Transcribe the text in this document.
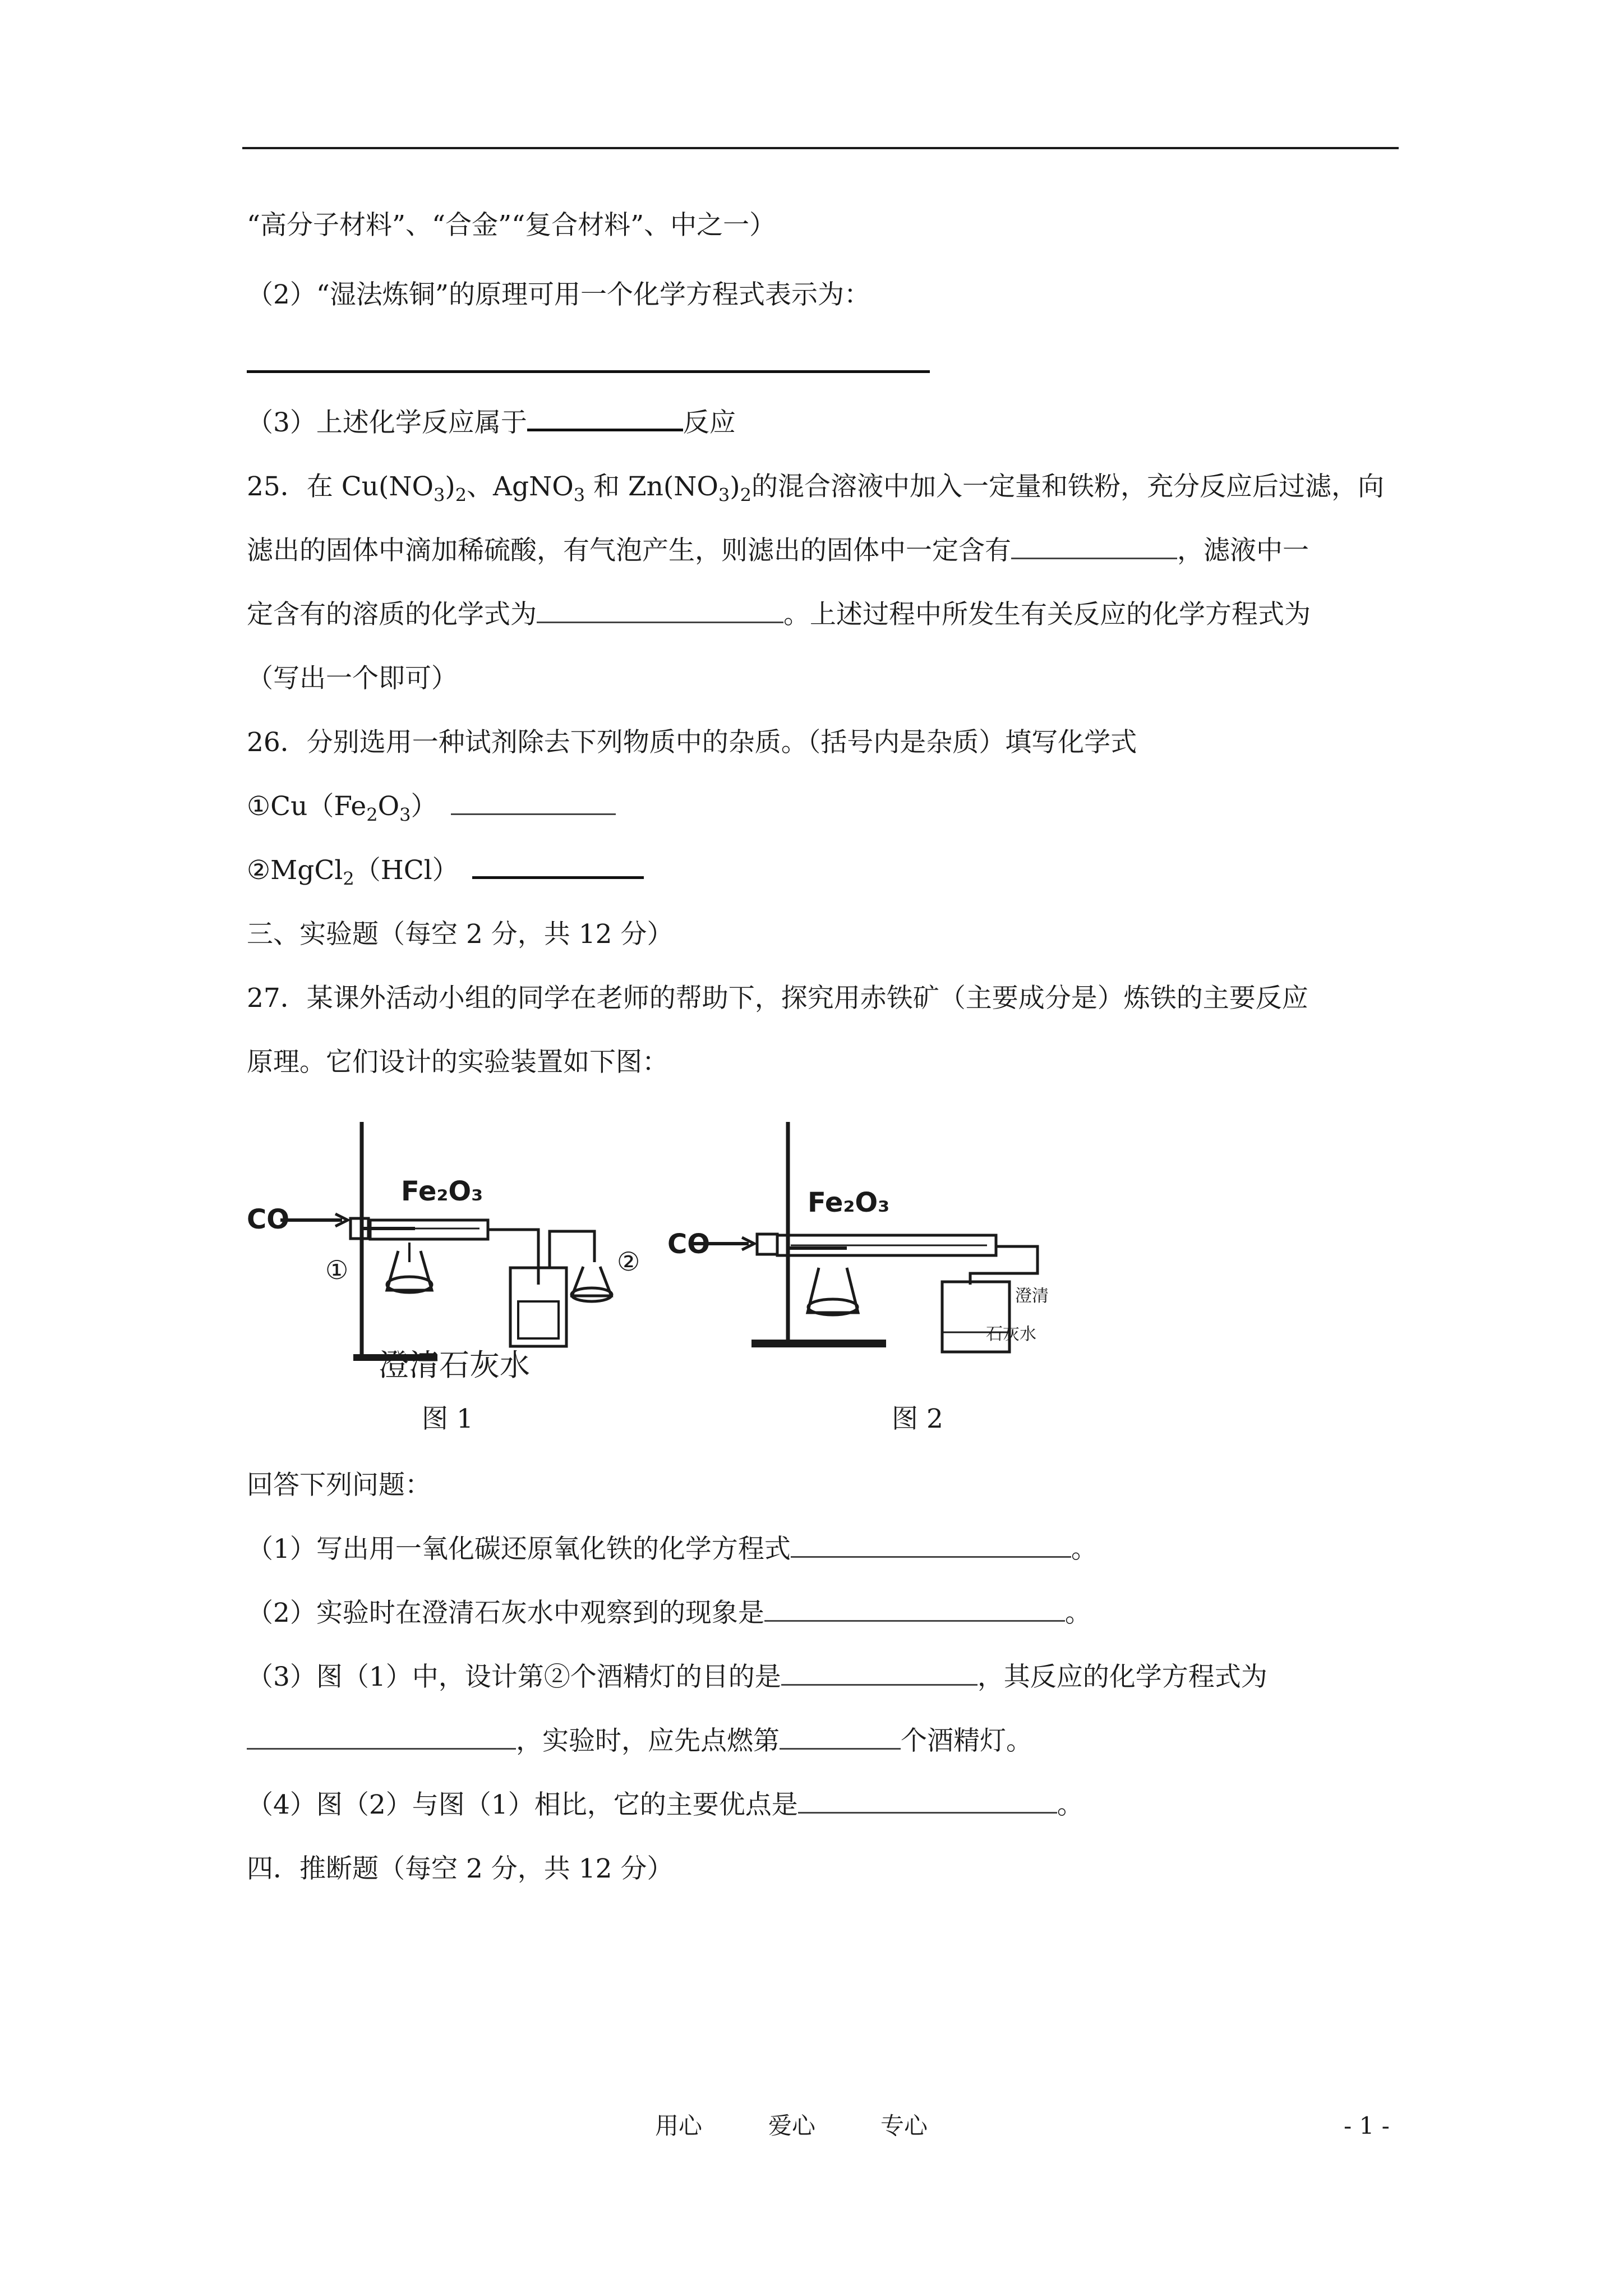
“高分子材料”、“合金”“复合材料”、中之一）
（2）“湿法炼铜”的原理可用一个化学方程式表示为：
（3）上述化学反应属于	反应
25．在 $Cu(NO_3)_2$、AgNO$_3$ 和 $Zn(NO_3)_2$的混合溶液中加入一定量和铁粉，充分反应后过滤，向
滤出的固体中滴加稀硫酸，有气泡产生，则滤出的固体中一定含有	，滤液中一
定含有的溶质的化学式为	。上述过程中所发生有关反应的化学方程式为
（写出一个即可）
26．分别选用一种试剂除去下列物质中的杂质。（括号内是杂质）填写化学式
$①Cu(Fe_2O_3)$
②MgCl$_2$（HCl）
三、实验题（每空 2 分，共 12 分）
27．某课外活动小组的同学在老师的帮助下，探究用赤铁矿（主要成分是）炼铁的主要反应
原理。它们设计的实验装置如下图：
CO
Fe₂O₃
①	②
澄清石灰水
图 1
CO
Fe₂O₃
澄清
石灰水
图 2
回答下列问题：
（1）写出用一氧化碳还原氧化铁的化学方程式	。
（2）实验时在澄清石灰水中观察到的现象是	。
（3）图（1）中，设计第②个酒精灯的目的是	，其反应的化学方程式为
，实验时，应先点燃第	个酒精灯。
（4）图（2）与图（1）相比，它的主要优点是	。
四．推断题（每空 2 分，共 12 分）
用心	爱心	专心	- 1 -
